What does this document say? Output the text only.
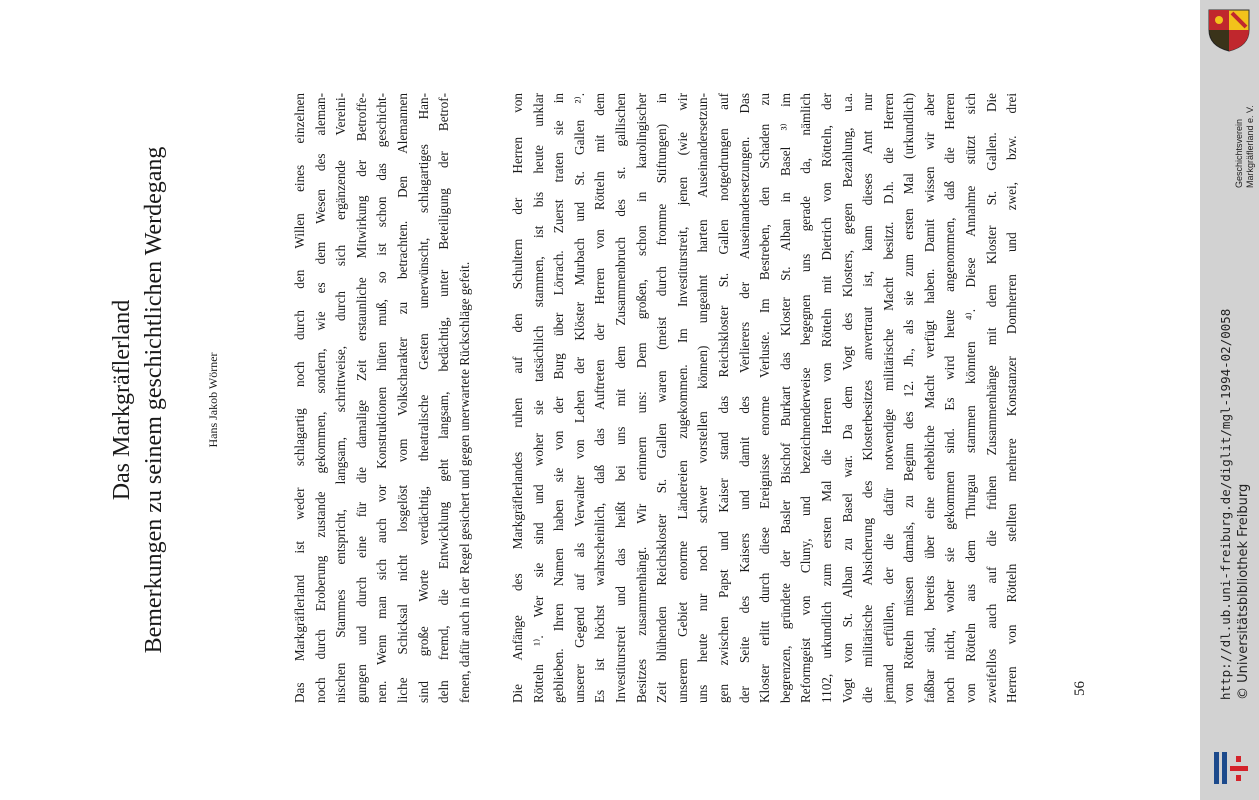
Das Markgräflerland Bemerkungen zu seinem geschichtlichen Werdegang	Hans Jakob Wörner	Das Markgräflerland ist weder schlagartig noch durch den Willen eines einzelnen noch durch Eroberung zustande gekommen, sondern, wie es dem Wesen des aleman- nischen Stammes entspricht, langsam, schrittweise, durch sich ergänzende Vereini- gungen und durch eine für die damalige Zeit erstaunliche Mitwirkung der Betroffe- nen. Wenn man sich auch vor Konstruktionen hüten muß, so ist schon das geschicht- liche Schicksal nicht losgelöst vom Volkscharakter zu betrachten. Den Alemannen sind große Worte verdächtig, theatralische Gesten unerwünscht, schlagartiges Han- deln fremd, die Entwicklung geht langsam, bedächtig, unter Beteiligung der Betrof- fenen, dafür auch in der Regel gesichert und gegen unerwartete Rückschläge gefeit.	Die Anfänge des Markgräflerlandes ruhen auf den Schultern der Herren von Rötteln ¹⁾. Wer sie sind und woher sie tatsächlich stammen, ist bis heute unklar geblieben. Ihren Namen haben sie von der Burg über Lörrach. Zuerst traten sie in unserer Gegend auf als Verwalter von Lehen der Klöster Murbach und St. Gallen ²⁾. Es ist höchst wahrscheinlich, daß das Auftreten der Herren von Rötteln mit dem Investiturstreit und das heißt bei uns mit dem Zusammenbruch des st. gallischen Besitzes zusammenhängt. Wir erinnern uns: Dem großen, schon in karolingischer Zeit blühenden Reichskloster St. Gallen waren (meist durch fromme Stiftungen) in unserem Gebiet enorme Ländereien zugekommen. Im Investiturstreit, jenen (wie wir uns heute nur noch schwer vorstellen können) ungeahnt harten Auseinandersetzun- gen zwischen Papst und Kaiser stand das Reichskloster St. Gallen notgedrungen auf der Seite des Kaisers und damit des Verlierers der Auseinandersetzungen. Das Kloster erlitt durch diese Ereignisse enorme Verluste. Im Bestreben, den Schaden zu begrenzen, gründete der Basler Bischof Burkart das Kloster St. Alban in Basel ³⁾ im Reformgeist von Cluny, und bezeichnenderweise begegnen uns gerade da, nämlich 1102, urkundlich zum ersten Mal die Herren von Rötteln mit Dietrich von Rötteln, der Vogt von St. Alban zu Basel war. Da dem Vogt des Klosters, gegen Bezahlung, u.a. die militärische Absicherung des Klosterbesitzes anvertraut ist, kann dieses Amt nur jemand erfüllen, der die dafür notwendige militärische Macht besitzt. D.h. die Herren von Rötteln müssen damals, zu Beginn des 12. Jh., als sie zum ersten Mal (urkundlich) faßbar sind, bereits über eine erhebliche Macht verfügt haben. Damit wissen wir aber noch nicht, woher sie gekommen sind. Es wird heute angenommen, daß die Herren von Rötteln aus dem Thurgau stammen könnten ⁴⁾. Diese Annahme stützt sich zweifellos auch auf die frühen Zusammenhänge mit dem Kloster St. Gallen. Die Herren von Rötteln stellten mehrere Konstanzer Domherren und zwei, bzw. drei	56	http://dl.ub.uni-freiburg.de/diglit/mgl-1994-02/0058 © Universitätsbibliothek Freiburg
Geschichtsverein Markgräflerland e. V.
